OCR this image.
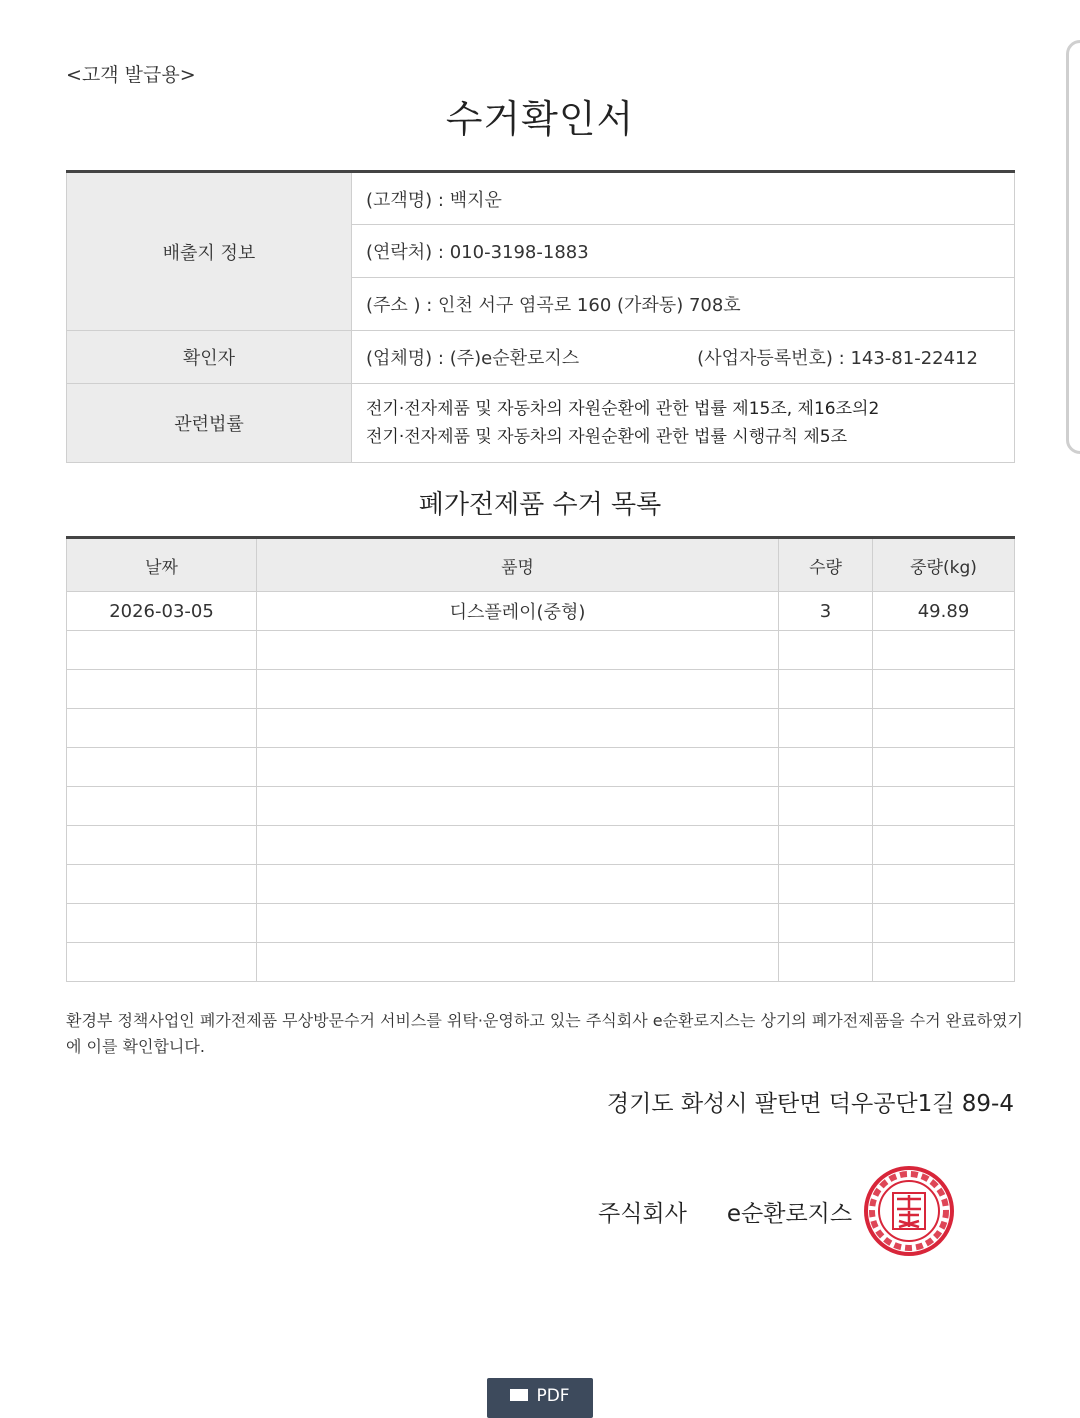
<고객 발급용>
수거확인서
배출지 정보	(고객명) : 백지운
	(연락처) : 010-3198-1883
	(주소 ) : 인천 서구 염곡로 160 (가좌동) 708호
확인자	(업체명) : (주)e순환로지스 (사업자등록번호) : 143-81-22412
관련법률	전기·전자제품 및 자동차의 자원순환에 관한 법률 제15조, 제16조의2
전기·전자제품 및 자동차의 자원순환에 관한 법률 시행규칙 제5조
폐가전제품 수거 목록
날짜	품명	수량	중량(kg)
2026-03-05	디스플레이(중형)	3	49.89

환경부 정책사업인 폐가전제품 무상방문수거 서비스를 위탁·운영하고 있는 주식회사 e순환로지스는 상기의 폐가전제품을 수거 완료하였기에 이를 확인합니다.
경기도 화성시 팔탄면 덕우공단1길 89-4
주식회사 e순환로지스
PDF
